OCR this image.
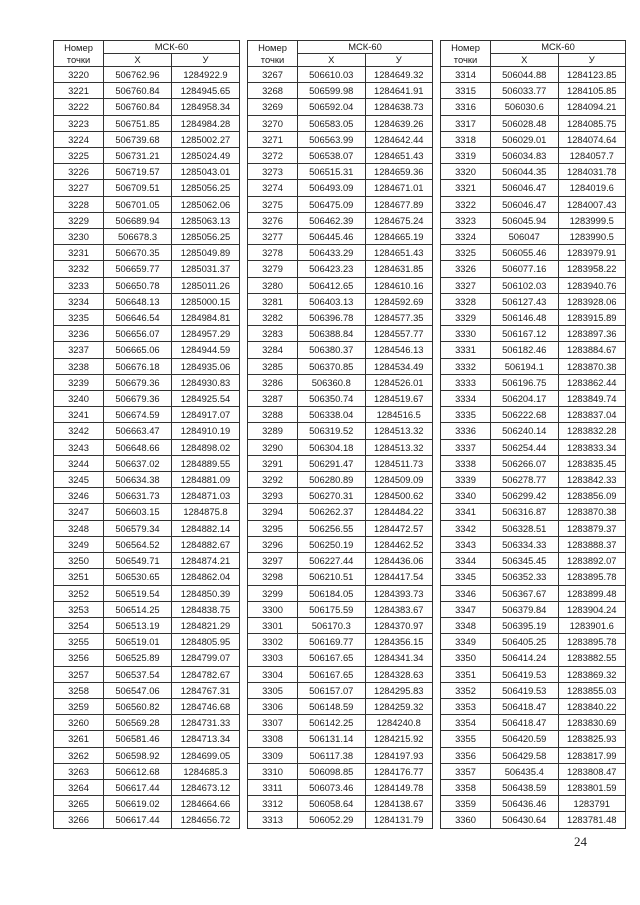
Номер
точки	МСК-60	
	Х	У
3220	506762.96	1284922.9
3221	506760.84	1284945.65
3222	506760.84	1284958.34
3223	506751.85	1284984.28
3224	506739.68	1285002.27
3225	506731.21	1285024.49
3226	506719.57	1285043.01
3227	506709.51	1285056.25
3228	506701.05	1285062.06
3229	506689.94	1285063.13
3230	506678.3	1285056.25
3231	506670.35	1285049.89
3232	506659.77	1285031.37
3233	506650.78	1285011.26
3234	506648.13	1285000.15
3235	506646.54	1284984.81
3236	506656.07	1284957.29
3237	506665.06	1284944.59
3238	506676.18	1284935.06
3239	506679.36	1284930.83
3240	506679.36	1284925.54
3241	506674.59	1284917.07
3242	506663.47	1284910.19
3243	506648.66	1284898.02
3244	506637.02	1284889.55
3245	506634.38	1284881.09
3246	506631.73	1284871.03
3247	506603.15	1284875.8
3248	506579.34	1284882.14
3249	506564.52	1284882.67
3250	506549.71	1284874.21
3251	506530.65	1284862.04
3252	506519.54	1284850.39
3253	506514.25	1284838.75
3254	506513.19	1284821.29
3255	506519.01	1284805.95
3256	506525.89	1284799.07
3257	506537.54	1284782.67
3258	506547.06	1284767.31
3259	506560.82	1284746.68
3260	506569.28	1284731.33
3261	506581.46	1284713.34
3262	506598.92	1284699.05
3263	506612.68	1284685.3
3264	506617.44	1284673.12
3265	506619.02	1284664.66
3266	506617.44	1284656.72
Номер
точки	МСК-60	
	Х	У
3267	506610.03	1284649.32
3268	506599.98	1284641.91
3269	506592.04	1284638.73
3270	506583.05	1284639.26
3271	506563.99	1284642.44
3272	506538.07	1284651.43
3273	506515.31	1284659.36
3274	506493.09	1284671.01
3275	506475.09	1284677.89
3276	506462.39	1284675.24
3277	506445.46	1284665.19
3278	506433.29	1284651.43
3279	506423.23	1284631.85
3280	506412.65	1284610.16
3281	506403.13	1284592.69
3282	506396.78	1284577.35
3283	506388.84	1284557.77
3284	506380.37	1284546.13
3285	506370.85	1284534.49
3286	506360.8	1284526.01
3287	506350.74	1284519.67
3288	506338.04	1284516.5
3289	506319.52	1284513.32
3290	506304.18	1284513.32
3291	506291.47	1284511.73
3292	506280.89	1284509.09
3293	506270.31	1284500.62
3294	506262.37	1284484.22
3295	506256.55	1284472.57
3296	506250.19	1284462.52
3297	506227.44	1284436.06
3298	506210.51	1284417.54
3299	506184.05	1284393.73
3300	506175.59	1284383.67
3301	506170.3	1284370.97
3302	506169.77	1284356.15
3303	506167.65	1284341.34
3304	506167.65	1284328.63
3305	506157.07	1284295.83
3306	506148.59	1284259.32
3307	506142.25	1284240.8
3308	506131.14	1284215.92
3309	506117.38	1284197.93
3310	506098.85	1284176.77
3311	506073.46	1284149.78
3312	506058.64	1284138.67
3313	506052.29	1284131.79
Номер
точки	МСК-60	
	Х	У
3314	506044.88	1284123.85
3315	506033.77	1284105.85
3316	506030.6	1284094.21
3317	506028.48	1284085.75
3318	506029.01	1284074.64
3319	506034.83	1284057.7
3320	506044.35	1284031.78
3321	506046.47	1284019.6
3322	506046.47	1284007.43
3323	506045.94	1283999.5
3324	506047	1283990.5
3325	506055.46	1283979.91
3326	506077.16	1283958.22
3327	506102.03	1283940.76
3328	506127.43	1283928.06
3329	506146.48	1283915.89
3330	506167.12	1283897.36
3331	506182.46	1283884.67
3332	506194.1	1283870.38
3333	506196.75	1283862.44
3334	506204.17	1283849.74
3335	506222.68	1283837.04
3336	506240.14	1283832.28
3337	506254.44	1283833.34
3338	506266.07	1283835.45
3339	506278.77	1283842.33
3340	506299.42	1283856.09
3341	506316.87	1283870.38
3342	506328.51	1283879.37
3343	506334.33	1283888.37
3344	506345.45	1283892.07
3345	506352.33	1283895.78
3346	506367.67	1283899.48
3347	506379.84	1283904.24
3348	506395.19	1283901.6
3349	506405.25	1283895.78
3350	506414.24	1283882.55
3351	506419.53	1283869.32
3352	506419.53	1283855.03
3353	506418.47	1283840.22
3354	506418.47	1283830.69
3355	506420.59	1283825.93
3356	506429.58	1283817.99
3357	506435.4	1283808.47
3358	506438.59	1283801.59
3359	506436.46	1283791
3360	506430.64	1283781.48
24
